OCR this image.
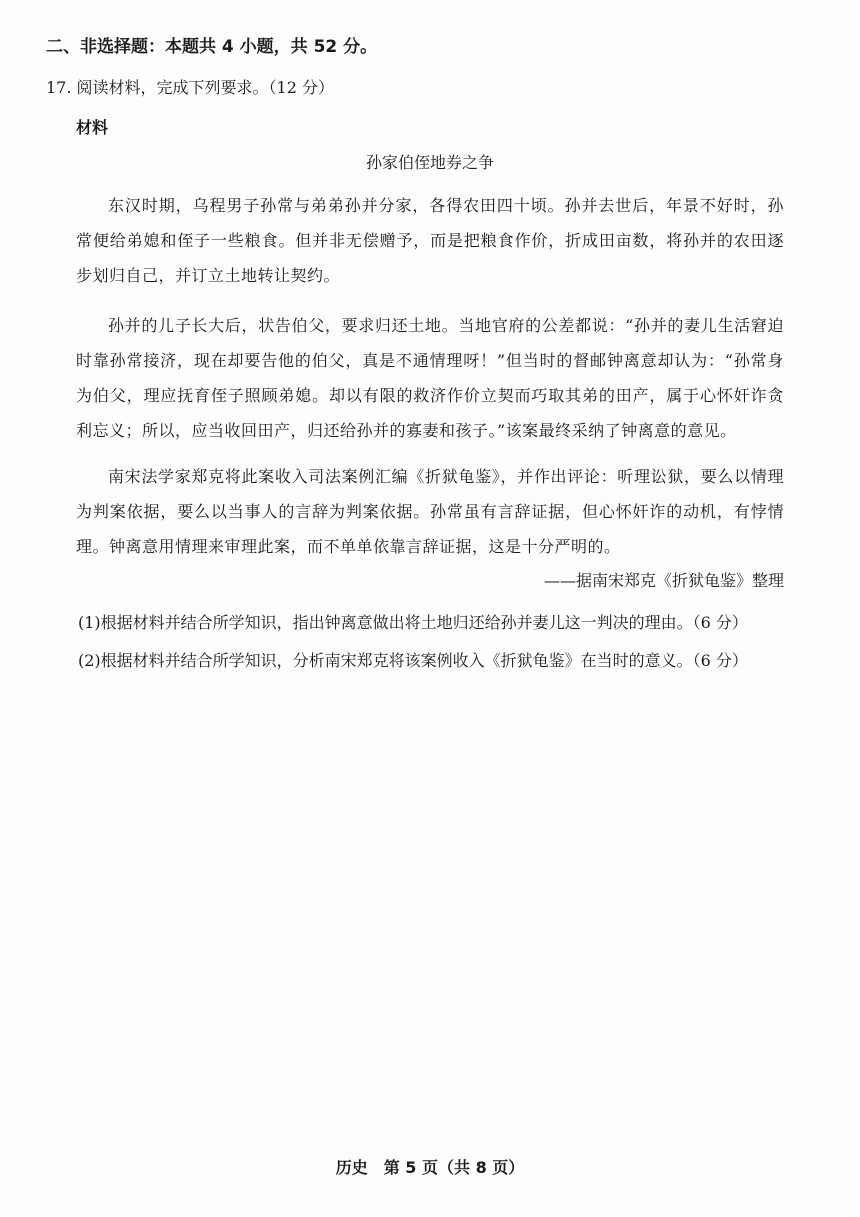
二、非选择题：本题共 4 小题，共 52 分。
17. 阅读材料，完成下列要求。（12 分）
材料
孙家伯侄地券之争
东汉时期，乌程男子孙常与弟弟孙并分家，各得农田四十顷。孙并去世后，年景不好时，孙常便给弟媳和侄子一些粮食。但并非无偿赠予，而是把粮食作价，折成田亩数，将孙并的农田逐步划归自己，并订立土地转让契约。
孙并的儿子长大后，状告伯父，要求归还土地。当地官府的公差都说：“孙并的妻儿生活窘迫时靠孙常接济，现在却要告他的伯父，真是不通情理呀！”但当时的督邮钟离意却认为：“孙常身为伯父，理应抚育侄子照顾弟媳。却以有限的救济作价立契而巧取其弟的田产，属于心怀奸诈贪利忘义；所以，应当收回田产，归还给孙并的寡妻和孩子。”该案最终采纳了钟离意的意见。
南宋法学家郑克将此案收入司法案例汇编《折狱龟鉴》，并作出评论：听理讼狱，要么以情理为判案依据，要么以当事人的言辞为判案依据。孙常虽有言辞证据，但心怀奸诈的动机，有悖情理。钟离意用情理来审理此案，而不单单依靠言辞证据，这是十分严明的。
——据南宋郑克《折狱龟鉴》整理
(1)根据材料并结合所学知识，指出钟离意做出将土地归还给孙并妻儿这一判决的理由。（6 分）
(2)根据材料并结合所学知识，分析南宋郑克将该案例收入《折狱龟鉴》在当时的意义。（6 分）
历史　第 5 页（共 8 页）
